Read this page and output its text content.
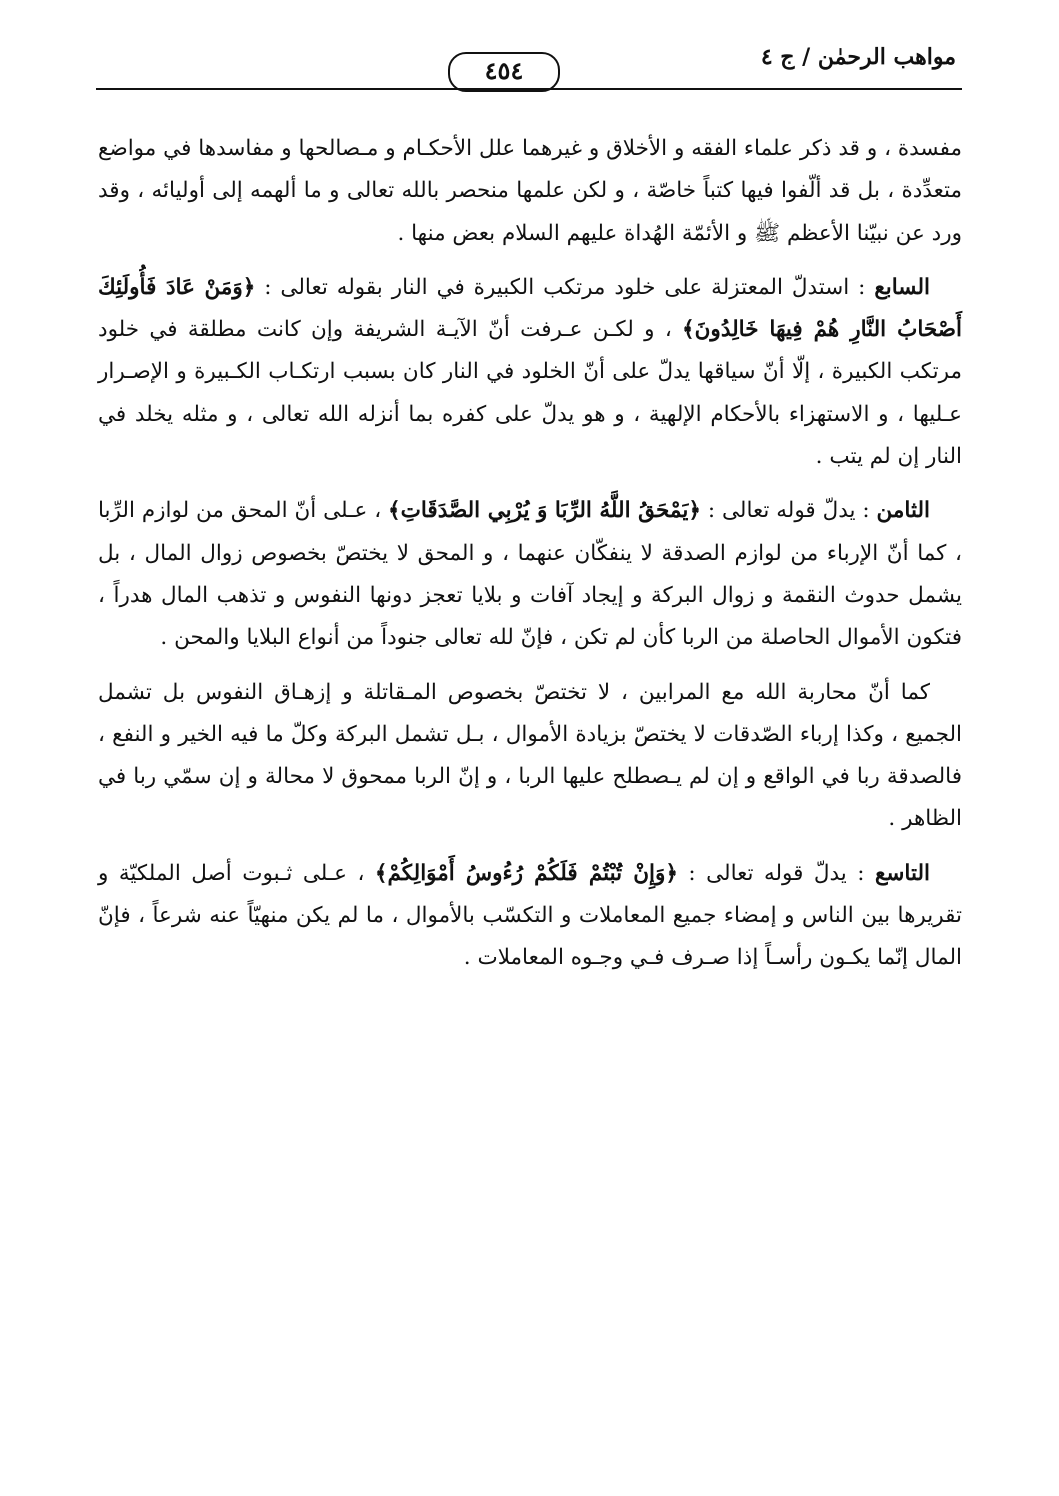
مواهب الرحمٰن / ج ٤
٤٥٤

مفسدة ، و قد ذكر علماء الفقه و الأخلاق و غيرهما علل الأحكـام و مـصالحها و مفاسدها في مواضع متعدِّدة ، بل قد ألّفوا فيها كتباً خاصّة ، و لكن علمها منحصر بالله تعالى و ما ألهمه إلى أوليائه ، وقد ورد عن نبيّنا الأعظم ﷺ و الأئمّة الهُداة عليهم السلام بعض منها .

السابع : استدلّ المعتزلة على خلود مرتكب الكبيرة في النار بقوله تعالى : ﴿وَمَنْ عَادَ فَأُولَئِكَ أَصْحَابُ النَّارِ هُمْ فِيهَا خَالِدُونَ﴾ ، و لكـن عـرفت أنّ الآيـة الشريفة وإن كانت مطلقة في خلود مرتكب الكبيرة ، إلّا أنّ سياقها يدلّ على أنّ الخلود في النار كان بسبب ارتكـاب الكـبيرة و الإصـرار عـليها ، و الاستهزاء بالأحكام الإلهية ، و هو يدلّ على كفره بما أنزله الله تعالى ، و مثله يخلد في النار إن لم يتب .

الثامن : يدلّ قوله تعالى : ﴿يَمْحَقُ اللَّهُ الرِّبَا وَ يُرْبِي الصَّدَقَاتِ﴾ ، عـلى أنّ المحق من لوازم الرِّبا ، كما أنّ الإرباء من لوازم الصدقة لا ينفكّان عنهما ، و المحق لا يختصّ بخصوص زوال المال ، بل يشمل حدوث النقمة و زوال البركة و إيجاد آفات و بلايا تعجز دونها النفوس و تذهب المال هدراً ، فتكون الأموال الحاصلة من الربا كأن لم تكن ، فإنّ لله تعالى جنوداً من أنواع البلايا والمحن .

كما أنّ محاربة الله مع المرابين ، لا تختصّ بخصوص المـقاتلة و إزهـاق النفوس بل تشمل الجميع ، وكذا إرباء الصّدقات لا يختصّ بزيادة الأموال ، بـل تشمل البركة وكلّ ما فيه الخير و النفع ، فالصدقة ربا في الواقع و إن لم يـصطلح عليها الربا ، و إنّ الربا ممحوق لا محالة و إن سمّي ربا في الظاهر .

التاسع : يدلّ قوله تعالى : ﴿وَإِنْ تُبْتُمْ فَلَكُمْ رُءُوسُ أَمْوَالِكُمْ﴾ ، عـلى ثـبوت أصل الملكيّة و تقريرها بين الناس و إمضاء جميع المعاملات و التكسّب بالأموال ، ما لم يكن منهيّاً عنه شرعاً ، فإنّ المال إنّما يكـون رأسـاً إذا صـرف فـي وجـوه المعاملات .
